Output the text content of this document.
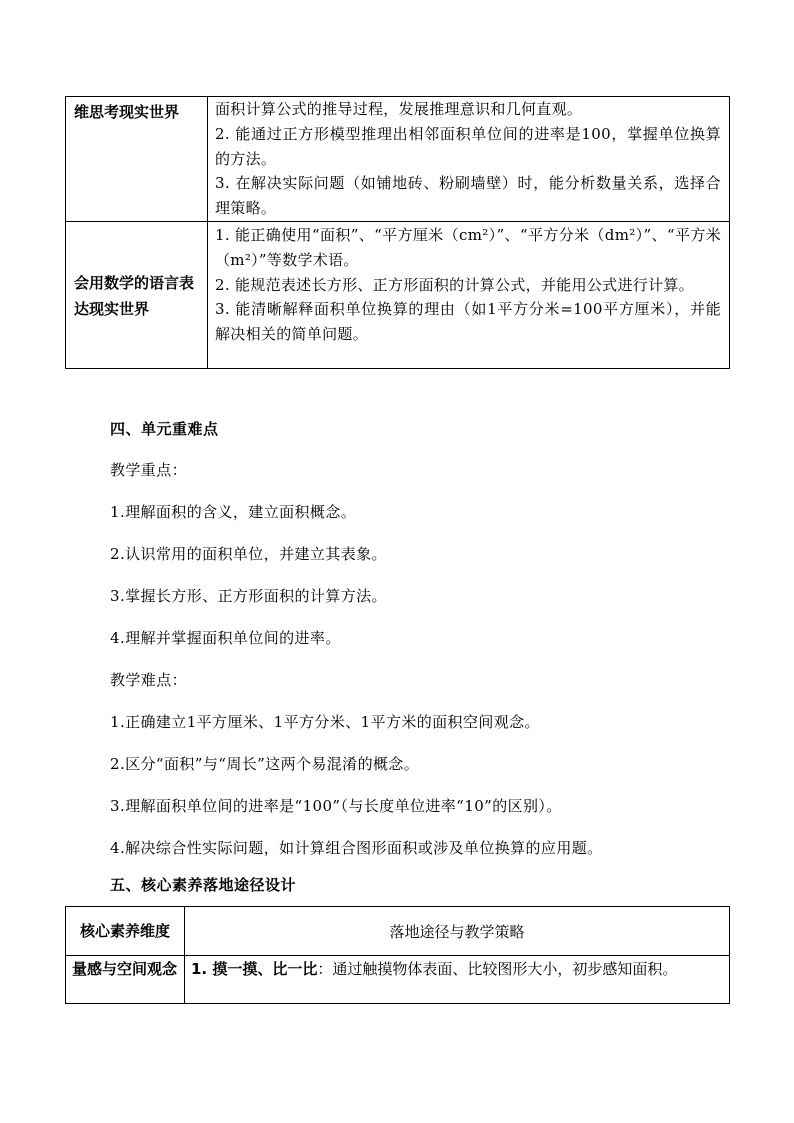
维思考现实世界	面积计算公式的推导过程，发展推理意识和几何直观。

2. 能通过正方形模型推理出相邻面积单位间的进率是100，掌握单位换算的方法。

3. 在解决实际问题（如铺地砖、粉刷墙壁）时，能分析数量关系，选择合理策略。

会用数学的语言表达现实世界	1. 能正确使用“面积”、“平方厘米（cm²）”、“平方分米（dm²）”、“平方米（m²）”等数学术语。

2. 能规范表述长方形、正方形面积的计算公式，并能用公式进行计算。

3. 能清晰解释面积单位换算的理由（如1平方分米=100平方厘米），并能解决相关的简单问题。

四、单元重难点

教学重点：

1.理解面积的含义，建立面积概念。

2.认识常用的面积单位，并建立其表象。

3.掌握长方形、正方形面积的计算方法。

4.理解并掌握面积单位间的进率。

教学难点：

1.正确建立1平方厘米、1平方分米、1平方米的面积空间观念。

2.区分“面积”与“周长”这两个易混淆的概念。

3.理解面积单位间的进率是“100”（与长度单位进率“10”的区别）。

4.解决综合性实际问题，如计算组合图形面积或涉及单位换算的应用题。

五、核心素养落地途径设计
核心素养维度	落地途径与教学策略
量感与空间观念	1. 摸一摸、比一比：通过触摸物体表面、比较图形大小，初步感知面积。
